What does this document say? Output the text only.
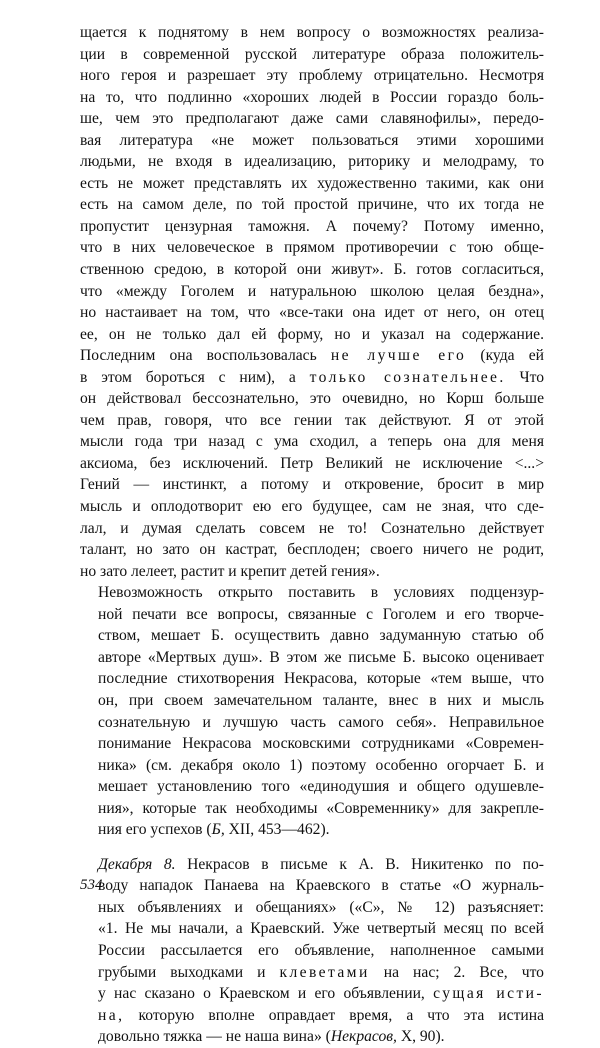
щается к поднятому в нем вопросу о возможностях реализа-
ции в современной русской литературе образа положитель-
ного героя и разрешает эту проблему отрицательно. Несмотря
на то, что подлинно «хороших людей в России гораздо боль-
ше, чем это предполагают даже сами славянофилы», передо-
вая литература «не может пользоваться этими хорошими
людьми, не входя в идеализацию, риторику и мелодраму, то
есть не может представлять их художественно такими, как они
есть на самом деле, по той простой причине, что их тогда не
пропустит цензурная таможня. А почему? Потому именно,
что в них человеческое в прямом противоречии с тою обще-
ственною средою, в которой они живут». Б. готов согласиться,
что «между Гоголем и натуральною школою целая бездна»,
но настаивает на том, что «все-таки она идет от него, он отец
ее, он не только дал ей форму, но и указал на содержание.
Последним она воспользовалась не лучше его (куда ей
в этом бороться с ним), а только сознательнее. Что
он действовал бессознательно, это очевидно, но Корш больше
чем прав, говоря, что все гении так действуют. Я от этой
мысли года три назад с ума сходил, а теперь она для меня
аксиома, без исключений. Петр Великий не исключение <...>
Гений — инстинкт, а потому и откровение, бросит в мир
мысль и оплодотворит ею его будущее, сам не зная, что сде-
лал, и думая сделать совсем не то! Сознательно действует
талант, но зато он кастрат, бесплоден; своего ничего не родит,
но зато лелеет, растит и крепит детей гения».

Невозможность открыто поставить в условиях подцензур-
ной печати все вопросы, связанные с Гоголем и его творче-
ством, мешает Б. осуществить давно задуманную статью об
авторе «Мертвых душ». В этом же письме Б. высоко оценивает
последние стихотворения Некрасова, которые «тем выше, что
он, при своем замечательном таланте, внес в них и мысль
сознательную и лучшую часть самого себя». Неправильное
понимание Некрасова московскими сотрудниками «Современ-
ника» (см. декабря около 1) поэтому особенно огорчает Б. и
мешает установлению того «единодушия и общего одушевле-
ния», которые так необходимы «Современнику» для закрепле-
ния его успехов (Б, XII, 453—462).

Декабря 8. Некрасов в письме к А. В. Никитенко по по-
воду нападок Панаева на Краевского в статье «О журналь-
ных объявлениях и обещаниях» («С», № 12) разъясняет:
«1. Не мы начали, а Краевский. Уже четвертый месяц по всей
России рассылается его объявление, наполненное самыми
грубыми выходками и клеветами на нас; 2. Все, что
у нас сказано о Краевском и его объявлении, сущая исти-
на, которую вполне оправдает время, а что эта истина
довольно тяжка — не наша вина» (Некрасов, X, 90).

534
